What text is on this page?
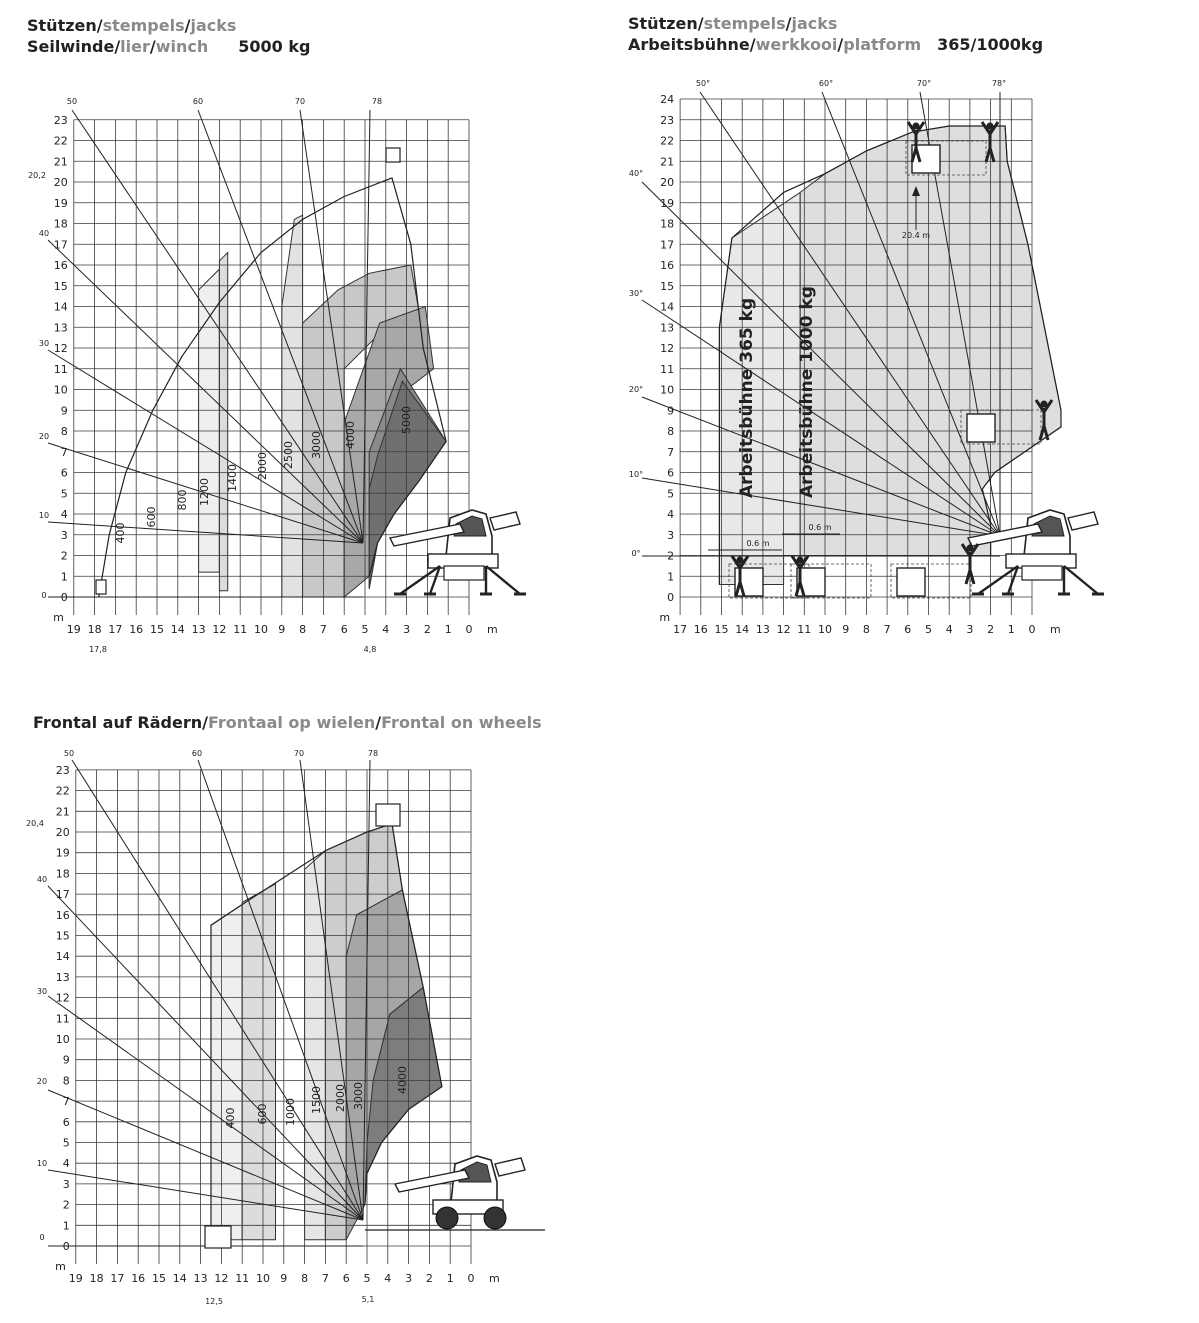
Stützen/stempels/jacks
Seilwinde/lier/winch 5000 kg
Stützen/stempels/jacks
Arbeitsbühne/werkkooi/platform 365/1000kg
Frontal auf Rädern/Frontaal op wielen/Frontal on wheels
0
1
2
3
4
5
6
7
8
9
10
11
12
13
14
15
16
17
18
19
20
21
22
23
19 18 17 16 15 14 13 12 11 10 9 8 7 6 5 4 3 2 1 0
m
m
50	60	70	78
40
30
20
10
0
20,2
17,8	4,8
400
600
800 1200 1400 2000 2500 3000 4000
5000
0
1
2
3
4
5
6
7
8
9
10
11
12
13
14
15
16
17
18
19
20
21
22
23
24
17 16 15 14 13 12 11 10 9 8 7 6 5 4 3 2 1 0
m
m
50°	60°	70°	78°
40°
30°
20°
10°
0°
Arbeitsbühne 365 kg Arbeitsbühne 1000 kg
20.4 m
0.6 m
0.6 m
0
1
2
3
4
5
6
7
8
9
10
11
12
13
14
15
16
17
18
19
20
21
22
23
19 18 17 16 15 14 13 12 11 10 9 8 7 6 5 4 3 2 1 0
m
m
50	60	70	78
40
30
20
10
0
20,4
12,5	5,1
400 600 1000 1500 2000 3000
4000
